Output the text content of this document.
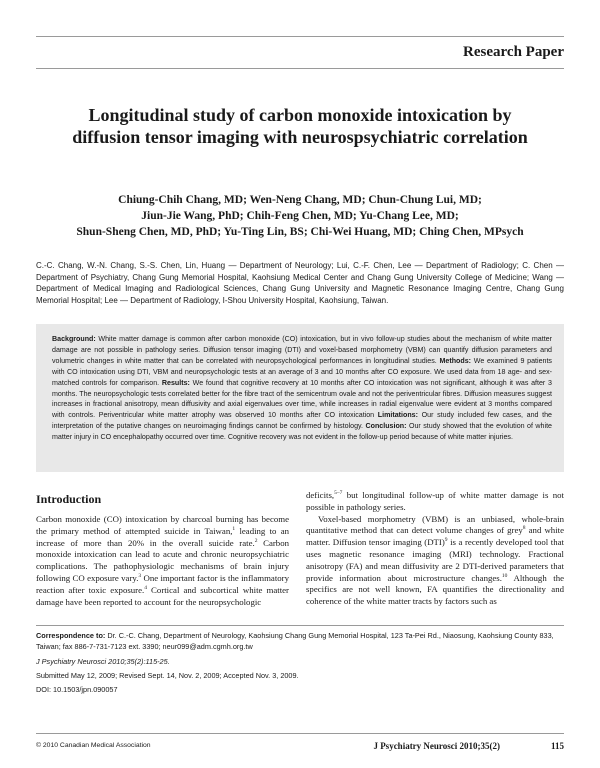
Research Paper
Longitudinal study of carbon monoxide intoxication by diffusion tensor imaging with neurospsychiatric correlation
Chiung-Chih Chang, MD; Wen-Neng Chang, MD; Chun-Chung Lui, MD;
Jiun-Jie Wang, PhD; Chih-Feng Chen, MD; Yu-Chang Lee, MD;
Shun-Sheng Chen, MD, PhD; Yu-Ting Lin, BS; Chi-Wei Huang, MD; Ching Chen, MPsych
C.-C. Chang, W.-N. Chang, S.-S. Chen, Lin, Huang — Department of Neurology; Lui, C.-F. Chen, Lee — Department of Radiology; C. Chen — Department of Psychiatry, Chang Gung Memorial Hospital, Kaohsiung Medical Center and Chang Gung University College of Medicine; Wang — Department of Medical Imaging and Radiological Sciences, Chang Gung University and Magnetic Resonance Imaging Centre, Chang Gung Memorial Hospital; Lee — Department of Radiology, I-Shou University Hospital, Kaohsiung, Taiwan.
Background: White matter damage is common after carbon monoxide (CO) intoxication, but in vivo follow-up studies about the mechanism of white matter damage are not possible in pathology series. Diffusion tensor imaging (DTI) and voxel-based morphometry (VBM) can quantify diffusion parameters and volumetric changes in white matter that can be correlated with neuropsychological performances in longitudinal studies. Methods: We examined 9 patients with CO intoxication using DTI, VBM and neuropsychologic tests at an average of 3 and 10 months after CO exposure. We used data from 18 age- and sex-matched controls for comparison. Results: We found that cognitive recovery at 10 months after CO intoxication was not significant, although it was after 3 months. The neuropsychologic tests correlated better for the fibre tract of the semicentrum ovale and not the periventricular fibres. Diffusion measures suggest increases in fractional anisotropy, mean diffusivity and axial eigenvalues over time, while increases in radial eigenvalue were evident at 3 months compared with controls. Periventricular white matter atrophy was observed 10 months after CO intoxication Limitations: Our study included few cases, and the interpretation of the putative changes on neuroimaging findings cannot be confirmed by histology. Conclusion: Our study showed that the evolution of white matter injury in CO encephalopathy occurred over time. Cognitive recovery was not evident in the follow-up period because of white matter injuries.
Introduction

Carbon monoxide (CO) intoxication by charcoal burning has become the primary method of attempted suicide in Taiwan,$^1$ leading to an increase of more than 20% in the overall suicide rate.$^2$ Carbon monoxide intoxication can lead to acute and chronic neuropsychiatric complications. The pathophysiologic mechanisms of brain injury following CO exposure vary.$^3$ One important factor is the inflammatory reaction after toxic exposure.$^4$ Cortical and subcortical white matter damage have been reported to account for the neuropsychologic

deficits,$^{5-7}$ but longitudinal follow-up of white matter damage is not possible in pathology series.

Voxel-based morphometry (VBM) is an unbiased, whole-brain quantitative method that can detect volume changes of grey$^8$ and white matter. Diffusion tensor imaging (DTI)$^9$ is a recently developed tool that uses magnetic resonance imaging (MRI) technology. Fractional anisotropy (FA) and mean diffusivity are 2 DTI-derived parameters that provide information about microstructure changes.$^{10}$ Although the specifics are not well known, FA quantifies the directionality and coherence of the white matter tracts by factors such as

Correspondence to: Dr. C.-C. Chang, Department of Neurology, Kaohsiung Chang Gung Memorial Hospital, 123 Ta-Pei Rd., Niaosung, Kaohsiung County 833, Taiwan; fax 886-7-731-7123 ext. 3390; neur099@adm.cgmh.org.tw

J Psychiatry Neurosci 2010;35(2):115-25.

Submitted May 12, 2009; Revised Sept. 14, Nov. 2, 2009; Accepted Nov. 3, 2009.

DOI: 10.1503/jpn.090057

© 2010 Canadian Medical Association	J Psychiatry Neurosci 2010;35(2)	115
